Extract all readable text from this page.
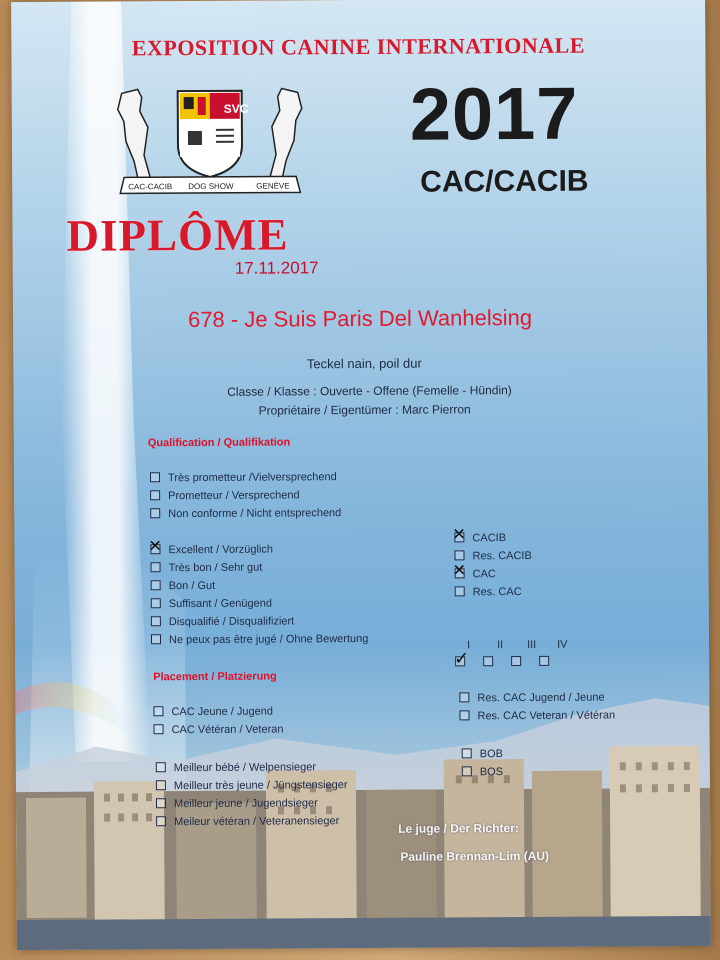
EXPOSITION CANINE INTERNATIONALE
SVC
CAC-CACIB DOG SHOW	GENÈVE
2017
CAC/CACIB
DIPLÔME
17.11.2017
678 - Je Suis Paris Del Wanhelsing
Teckel nain, poil dur
Classe / Klasse : Ouverte - Offene (Femelle - Hündin)
Propriétaire / Eigentümer : Marc Pierron
Qualification / Qualifikation
Très prometteur /Vielversprechend
Prometteur / Versprechend
Non conforme / Nicht entsprechend
✕Excellent / Vorzüglich
Très bon / Sehr gut
Bon / Gut
Suffisant / Genügend
Disqualifié / Disqualifiziert
Ne peux pas être jugé / Ohne Bewertung
✕CACIB
Res. CACIB
✕CAC
Res. CAC
I II III IV
✓
Placement / Platzierung
CAC Jeune / Jugend
CAC Vétéran / Veteran
Res. CAC Jugend / Jeune
Res. CAC Veteran / Vétéran
Meilleur bébé / Welpensieger
Meilleur très jeune / Jüngstensieger
Meilleur jeune / Jugendsieger
Meileur vétéran / Veteranensieger
BOB
BOS
Le juge / Der Richter:
Pauline Brennan-Lim (AU)
